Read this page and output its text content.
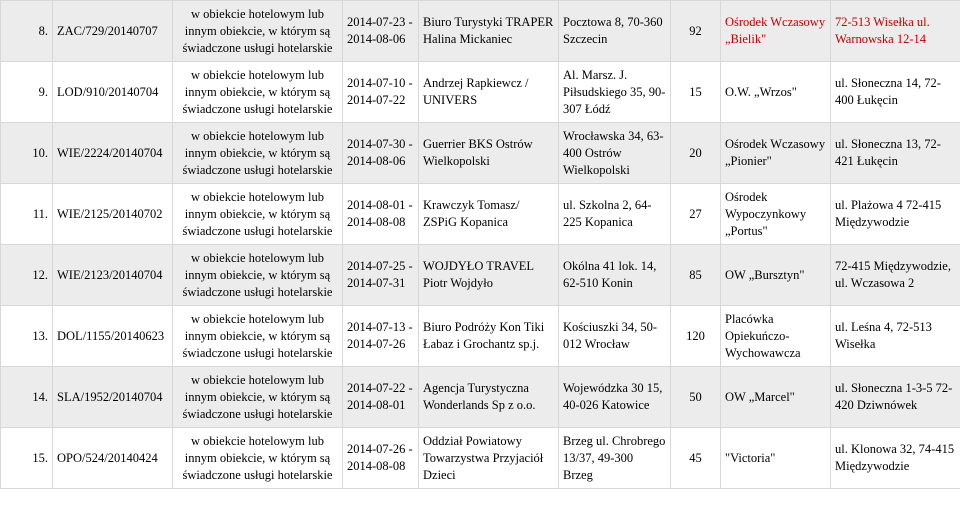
8.	ZAC/729/20140707	w obiekcie hotelowym lub innym obiekcie, w którym są świadczone usługi hotelarskie	2014-07-23 - 2014-08-06	Biuro Turystyki TRAPER Halina Mickaniec	Pocztowa 8, 70-360 Szczecin	92	Ośrodek Wczasowy „Bielik"	72-513 Wisełka ul. Warnowska 12-14
9.	LOD/910/20140704	w obiekcie hotelowym lub innym obiekcie, w którym są świadczone usługi hotelarskie	2014-07-10 - 2014-07-22	Andrzej Rapkiewcz / UNIVERS	Al. Marsz. J. Piłsudskiego 35, 90-307 Łódź	15	O.W. „Wrzos"	ul. Słoneczna 14, 72-400 Łukęcin
10.	WIE/2224/20140704	w obiekcie hotelowym lub innym obiekcie, w którym są świadczone usługi hotelarskie	2014-07-30 - 2014-08-06	Guerrier BKS Ostrów Wielkopolski	Wrocławska 34, 63-400 Ostrów Wielkopolski	20	Ośrodek Wczasowy „Pionier"	ul. Słoneczna 13, 72-421 Łukęcin
11.	WIE/2125/20140702	w obiekcie hotelowym lub innym obiekcie, w którym są świadczone usługi hotelarskie	2014-08-01 - 2014-08-08	Krawczyk Tomasz/ ZSPiG Kopanica	ul. Szkolna 2, 64-225 Kopanica	27	Ośrodek Wypoczynkowy „Portus"	ul. Plażowa 4 72-415 Międzywodzie
12.	WIE/2123/20140704	w obiekcie hotelowym lub innym obiekcie, w którym są świadczone usługi hotelarskie	2014-07-25 - 2014-07-31	WOJDYŁO TRAVEL Piotr Wojdyło	Okólna 41 lok. 14, 62-510 Konin	85	OW „Bursztyn"	72-415 Międzywodzie, ul. Wczasowa 2
13.	DOL/1155/20140623	w obiekcie hotelowym lub innym obiekcie, w którym są świadczone usługi hotelarskie	2014-07-13 - 2014-07-26	Biuro Podróży Kon Tiki Łabaz i Grochantz sp.j.	Kościuszki 34, 50-012 Wrocław	120	Placówka Opiekuńczo-Wychowawcza	ul. Leśna 4, 72-513 Wisełka
14.	SLA/1952/20140704	w obiekcie hotelowym lub innym obiekcie, w którym są świadczone usługi hotelarskie	2014-07-22 - 2014-08-01	Agencja Turystyczna Wonderlands Sp z o.o.	Wojewódzka 30 15, 40-026 Katowice	50	OW „Marcel"	ul. Słoneczna 1-3-5 72-420 Dziwnówek
15.	OPO/524/20140424	w obiekcie hotelowym lub innym obiekcie, w którym są świadczone usługi hotelarskie	2014-07-26 - 2014-08-08	Oddział Powiatowy Towarzystwa Przyjaciół Dzieci	Brzeg ul. Chrobrego 13/37, 49-300 Brzeg	45	"Victoria"	ul. Klonowa 32, 74-415 Międzywodzie
